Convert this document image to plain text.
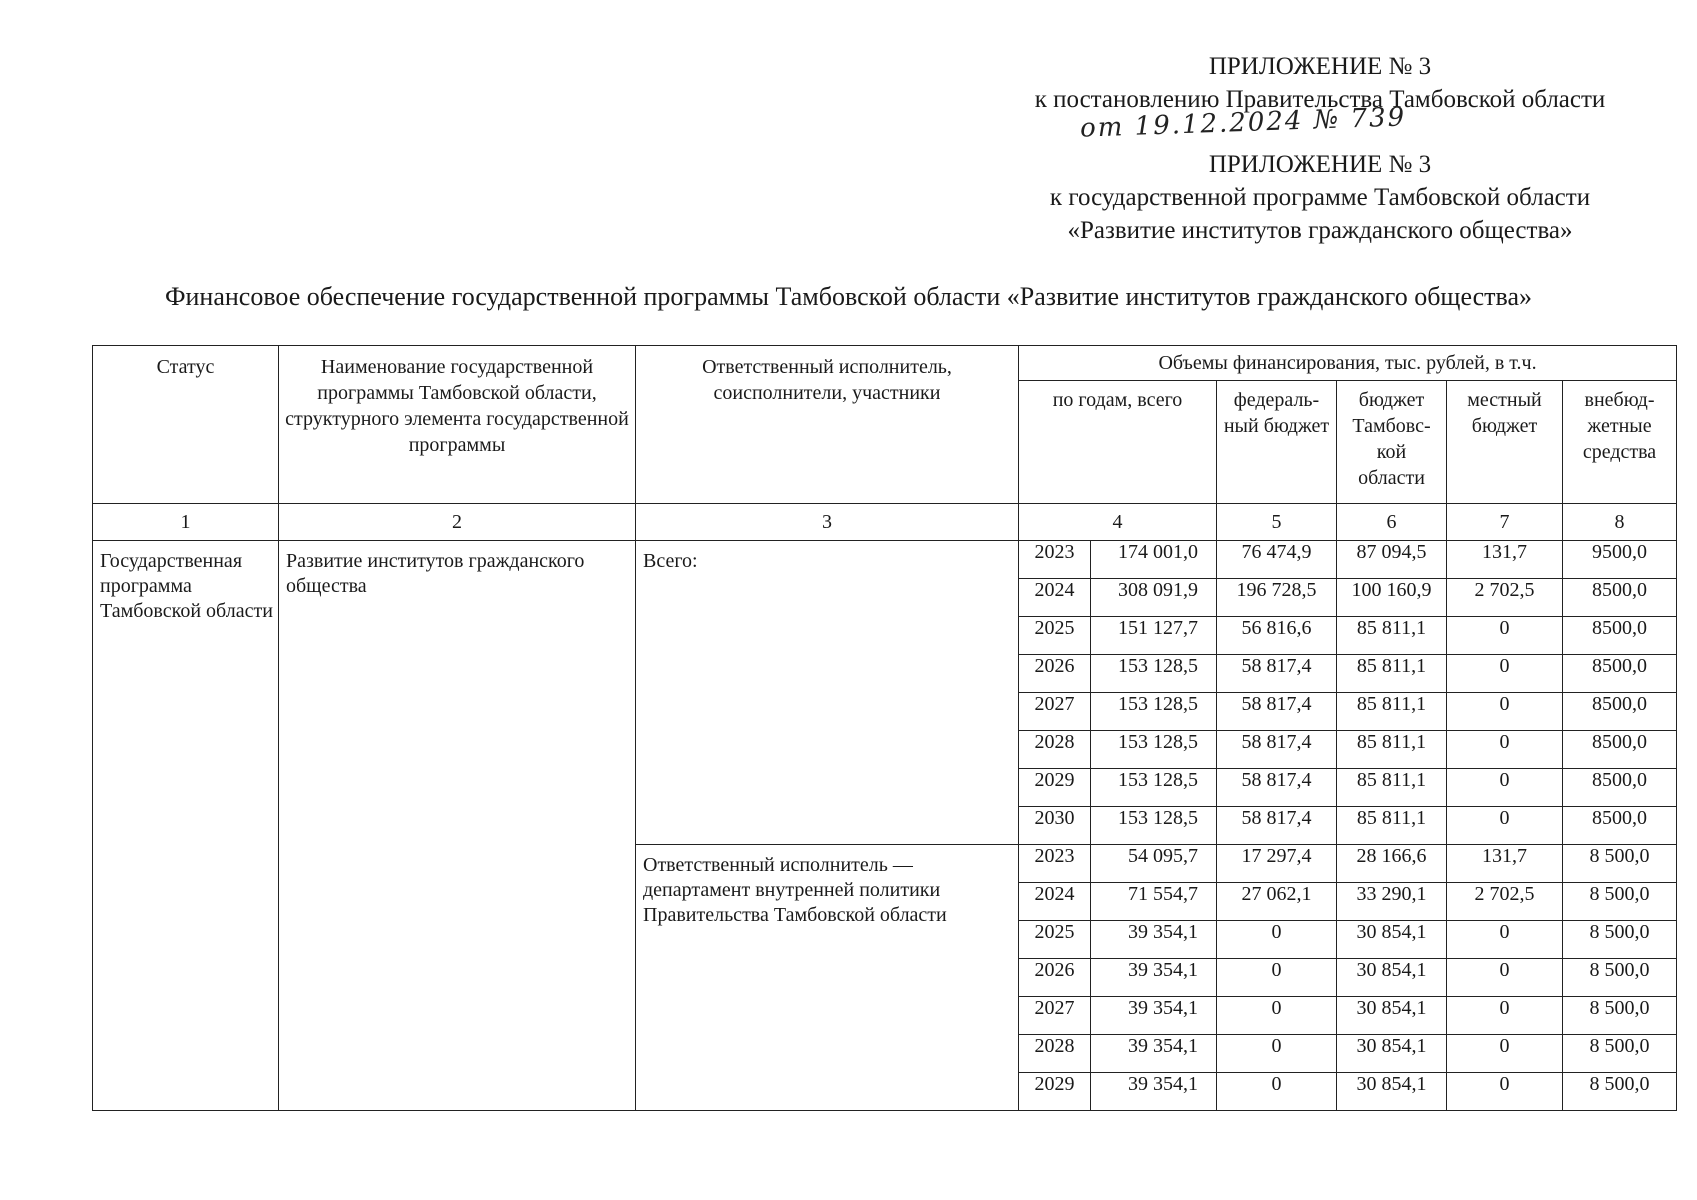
ПРИЛОЖЕНИЕ № 3
к постановлению Правительства Тамбовской области
от 19.12.2024 № 739
ПРИЛОЖЕНИЕ № 3
к государственной программе Тамбовской области
«Развитие институтов гражданского общества»
Финансовое обеспечение государственной программы Тамбовской области «Развитие институтов гражданского общества»
Статус	Наименование государственной программы Тамбовской области, структурного элемента государственной программы	Ответственный исполнитель, соисполнители, участники	Объемы финансирования, тыс. рублей, в т.ч.					
			по годам, всего		федераль-ный бюджет	бюджет Тамбовс-кой области	местный бюджет	внебюд-жетные средства
1	2	3	4		5	6	7	8
Государственная программа Тамбовской области	Развитие институтов гражданского общества	Всего:	2023	174 001,0	76 474,9	87 094,5	131,7	9500,0
			2024	308 091,9	196 728,5	100 160,9	2 702,5	8500,0
			2025	151 127,7	56 816,6	85 811,1	0	8500,0
			2026	153 128,5	58 817,4	85 811,1	0	8500,0
			2027	153 128,5	58 817,4	85 811,1	0	8500,0
			2028	153 128,5	58 817,4	85 811,1	0	8500,0
			2029	153 128,5	58 817,4	85 811,1	0	8500,0
			2030	153 128,5	58 817,4	85 811,1	0	8500,0
		Ответственный исполнитель — департамент внутренней политики Правительства Тамбовской области	2023	54 095,7	17 297,4	28 166,6	131,7	8 500,0
			2024	71 554,7	27 062,1	33 290,1	2 702,5	8 500,0
			2025	39 354,1	0	30 854,1	0	8 500,0
			2026	39 354,1	0	30 854,1	0	8 500,0
			2027	39 354,1	0	30 854,1	0	8 500,0
			2028	39 354,1	0	30 854,1	0	8 500,0
			2029	39 354,1	0	30 854,1	0	8 500,0
